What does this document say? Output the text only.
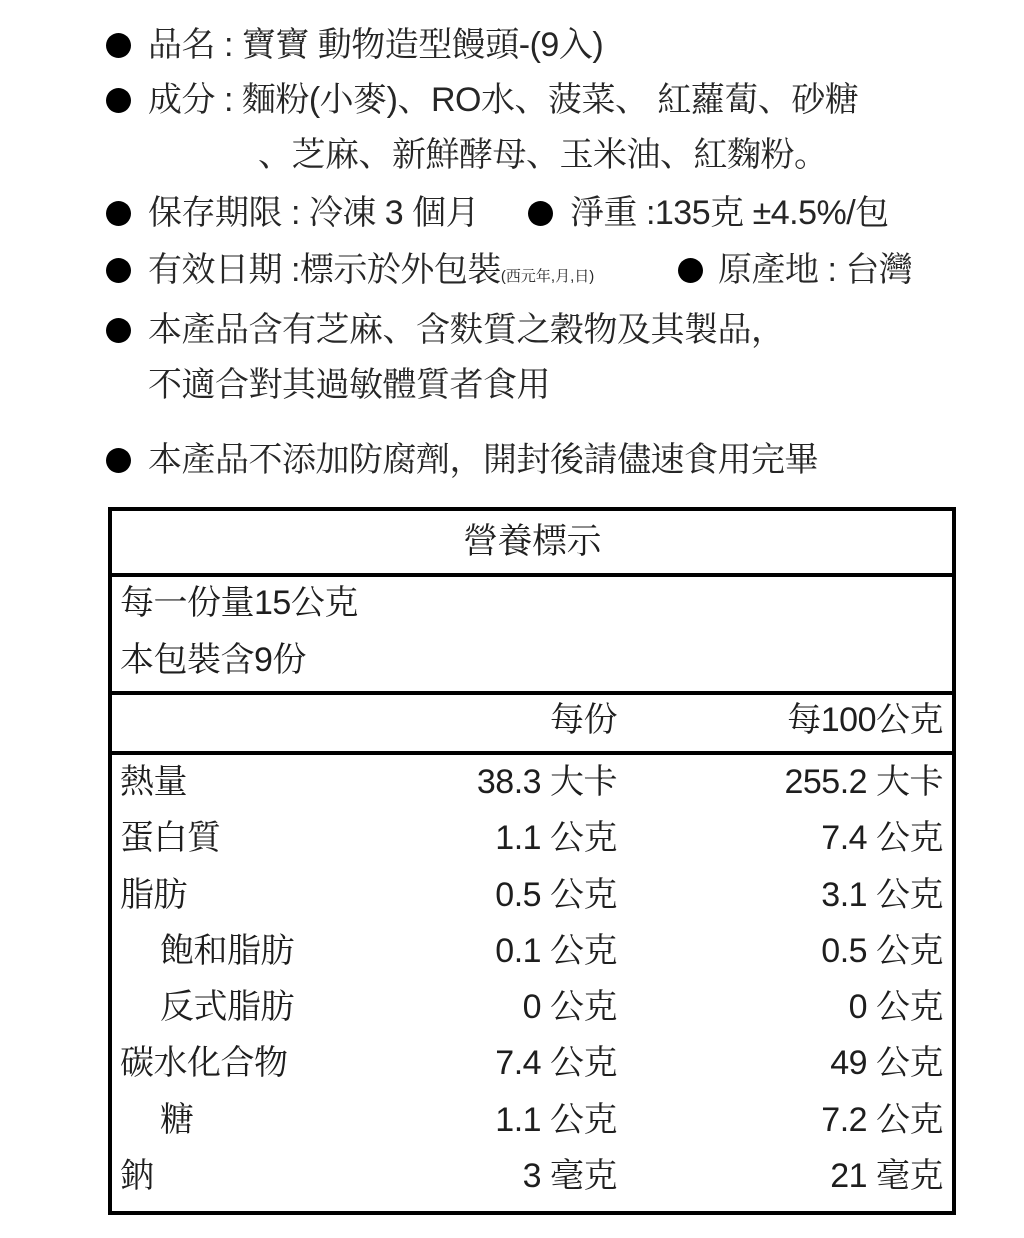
品名 : 寶寶 動物造型饅頭-(9入)
成分 : 麵粉(小麥)、RO水、菠菜、 紅蘿蔔、砂糖
、芝麻、新鮮酵母、玉米油、紅麴粉。
保存期限 : 冷凍 3 個月	淨重 :135克 ±4.5%/包
有效日期 :標示於外包裝(西元年,月,日)	原產地 : 台灣
本產品含有芝麻、含麩質之穀物及其製品，
不適合對其過敏體質者食用
本產品不添加防腐劑，開封後請儘速食用完畢
營養標示
每一份量15公克
本包裝含9份
每份	每100公克
熱量	38.3 大卡	255.2 大卡
蛋白質	1.1 公克	7.4 公克
脂肪	0.5 公克	3.1 公克
飽和脂肪	0.1 公克	0.5 公克
反式脂肪	0 公克	0 公克
碳水化合物	7.4 公克	49 公克
糖	1.1 公克	7.2 公克
鈉	3 毫克	21 毫克
